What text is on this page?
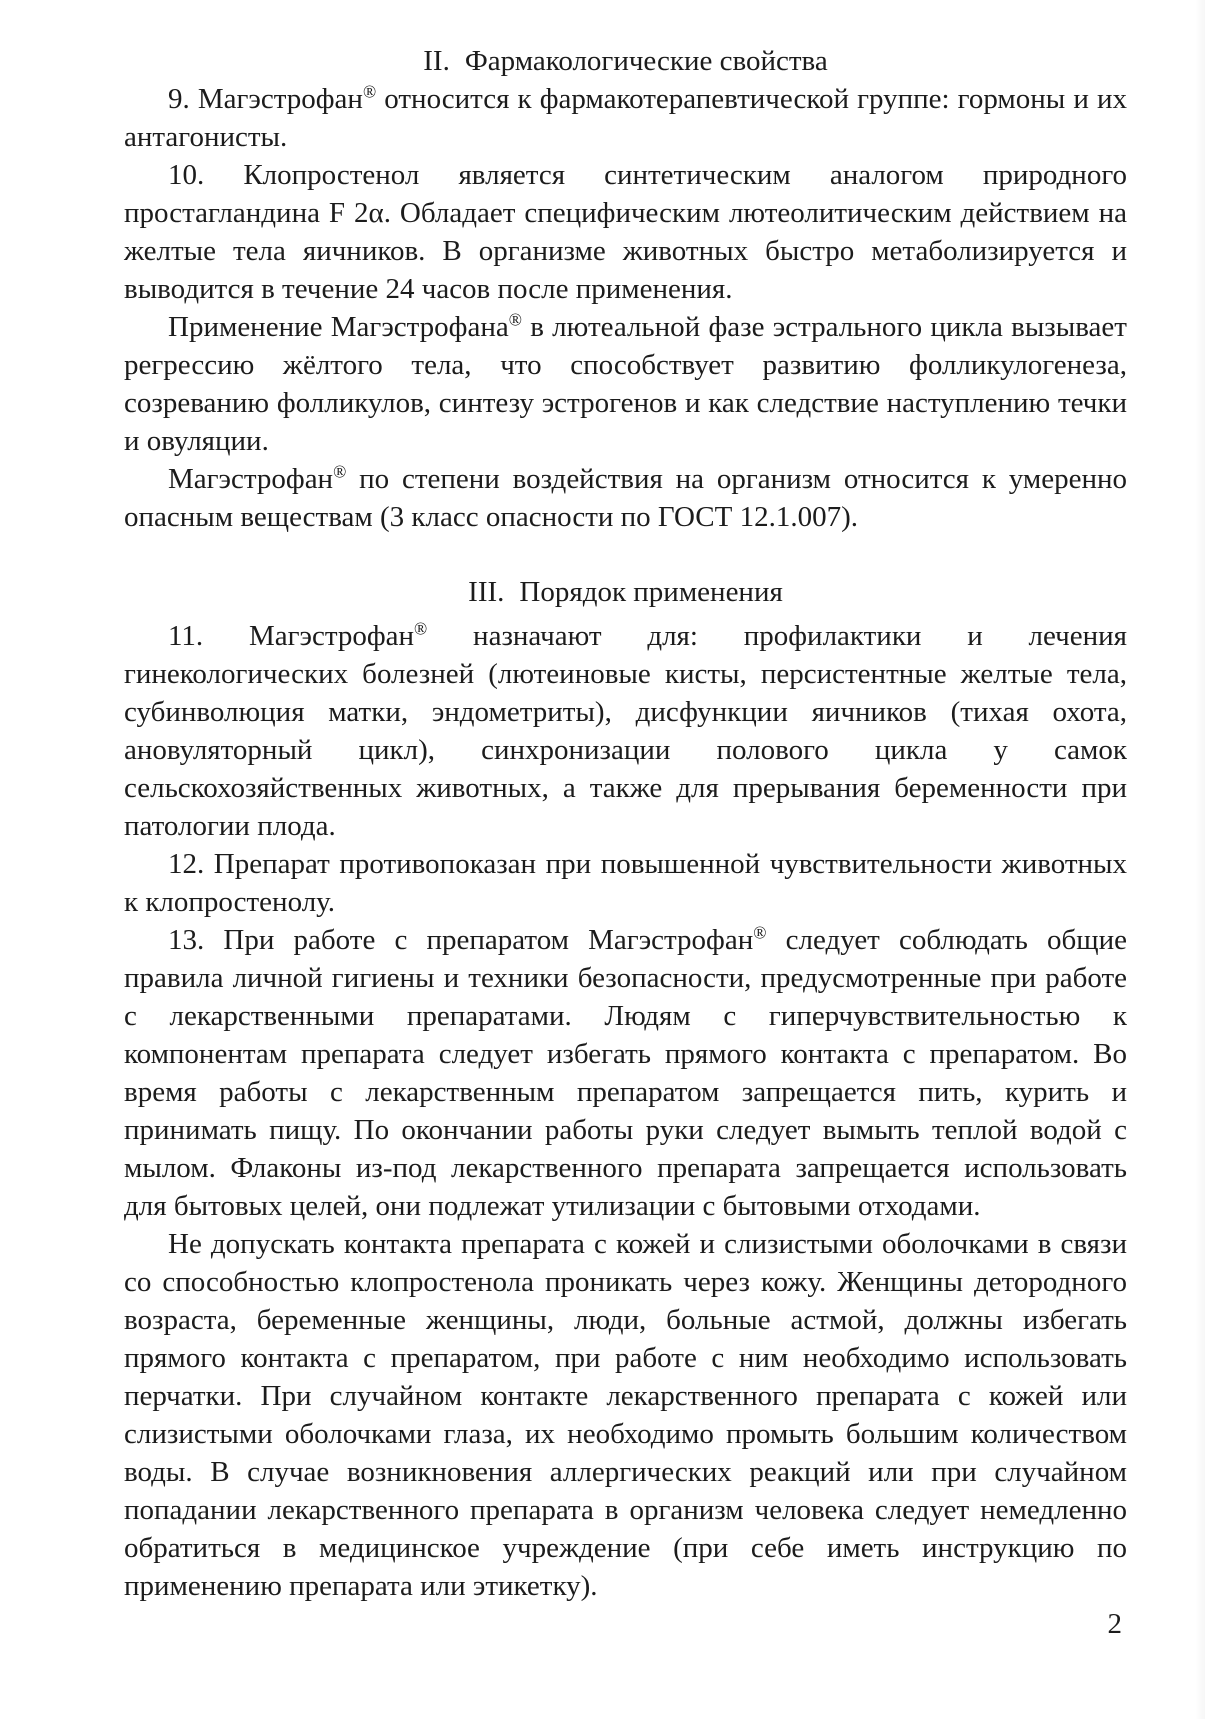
II. Фармакологические свойства

9. Магэстрофан® относится к фармакотерапевтической группе: гормоны и их антагонисты.

10. Клопростенол является синтетическим аналогом природного простагландина F 2α. Обладает специфическим лютеолитическим действием на желтые тела яичников. В организме животных быстро метаболизируется и выводится в течение 24 часов после применения.

Применение Магэстрофана® в лютеальной фазе эстрального цикла вызывает регрессию жёлтого тела, что способствует развитию фолликулогенеза, созреванию фолликулов, синтезу эстрогенов и как следствие наступлению течки и овуляции.

Магэстрофан® по степени воздействия на организм относится к умеренно опасным веществам (3 класс опасности по ГОСТ 12.1.007).

III. Порядок применения

11. Магэстрофан® назначают для: профилактики и лечения гинекологических болезней (лютеиновые кисты, персистентные желтые тела, субинволюция матки, эндометриты), дисфункции яичников (тихая охота, ановуляторный цикл), синхронизации полового цикла у самок сельскохозяйственных животных, а также для прерывания беременности при патологии плода.

12. Препарат противопоказан при повышенной чувствительности животных к клопростенолу.

13. При работе с препаратом Магэстрофан® следует соблюдать общие правила личной гигиены и техники безопасности, предусмотренные при работе с лекарственными препаратами. Людям с гиперчувствительностью к компонентам препарата следует избегать прямого контакта с препаратом. Во время работы с лекарственным препаратом запрещается пить, курить и принимать пищу. По окончании работы руки следует вымыть теплой водой с мылом. Флаконы из-под лекарственного препарата запрещается использовать для бытовых целей, они подлежат утилизации с бытовыми отходами.

Не допускать контакта препарата с кожей и слизистыми оболочками в связи со способностью клопростенола проникать через кожу. Женщины детородного возраста, беременные женщины, люди, больные астмой, должны избегать прямого контакта с препаратом, при работе с ним необходимо использовать перчатки. При случайном контакте лекарственного препарата с кожей или слизистыми оболочками глаза, их необходимо промыть большим количеством воды. В случае возникновения аллергических реакций или при случайном попадании лекарственного препарата в организм человека следует немедленно обратиться в медицинское учреждение (при себе иметь инструкцию по применению препарата или этикетку).

2
